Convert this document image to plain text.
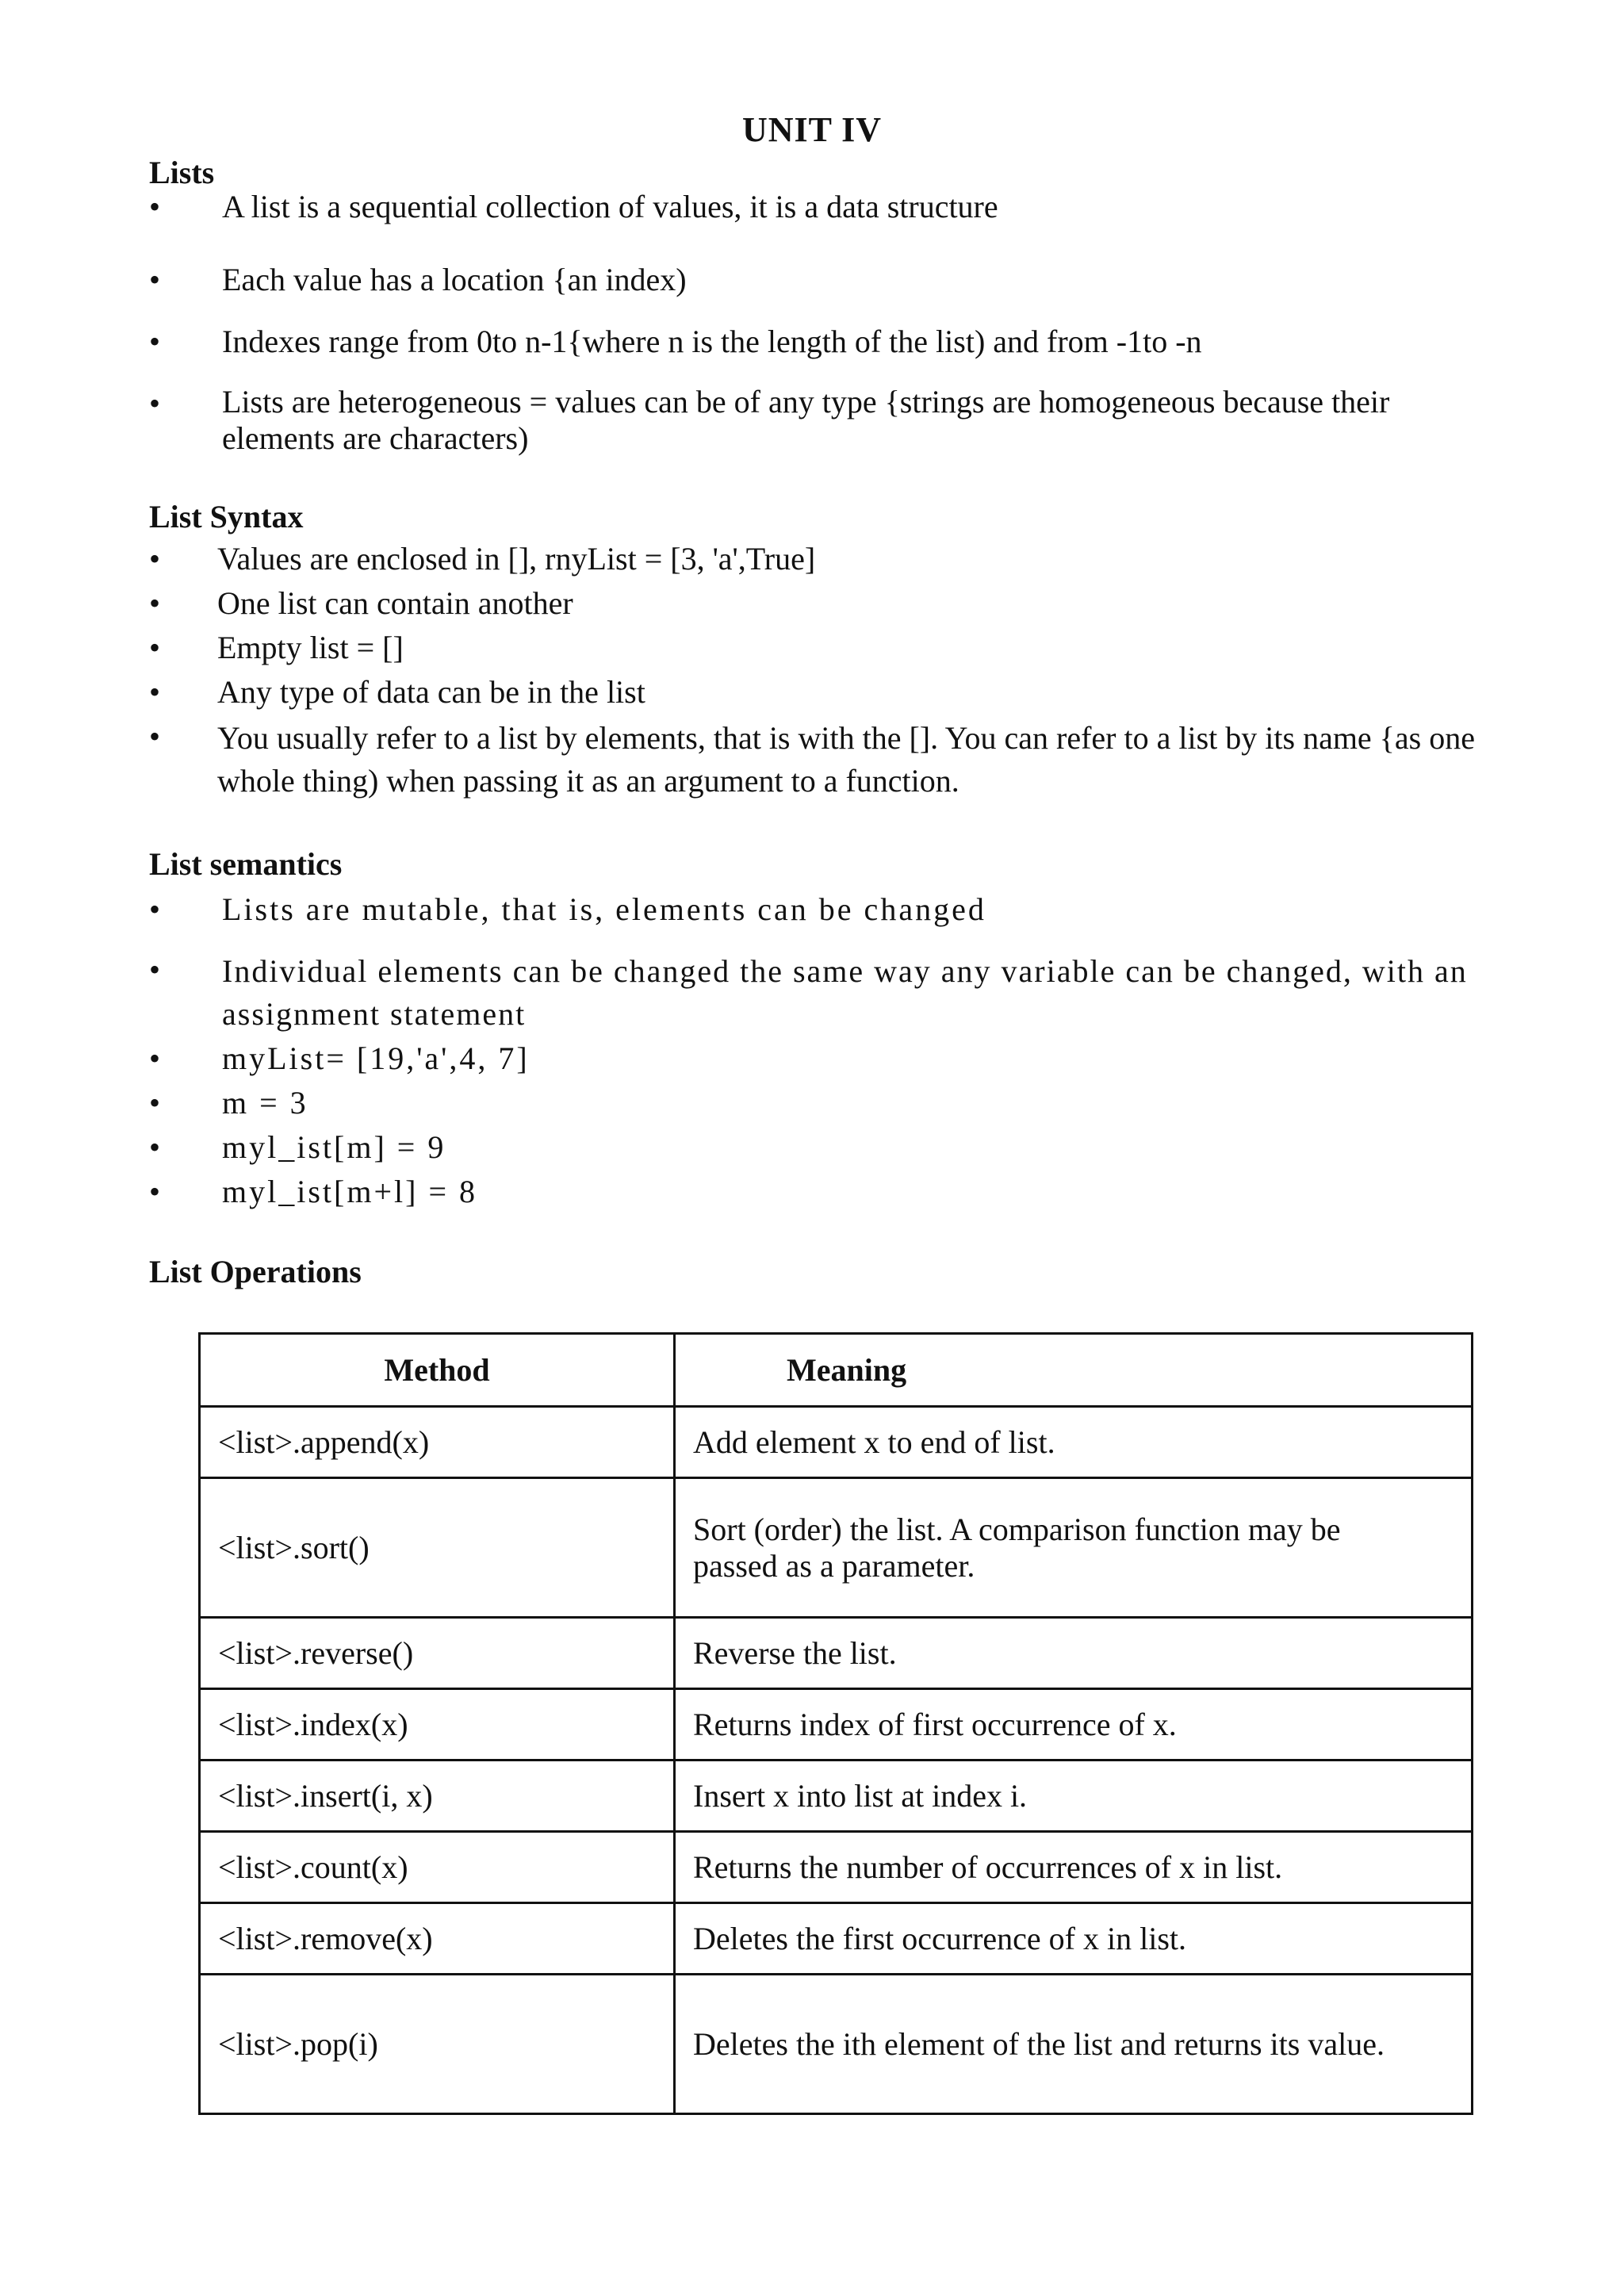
UNIT IV
Lists
• A list is a sequential collection of values, it is a data structure

• Each value has a location {an index)

• Indexes range from 0to n-1{where n is the length of the list) and from -1to -n

• Lists are heterogeneous = values can be of any type {strings are homogeneous because their elements are characters)

List Syntax
• Values are enclosed in [], rnyList = [3, 'a',True]

• One list can contain another

• Empty list = []

• Any type of data can be in the list

• You usually refer to a list by elements, that is with the []. You can refer to a list by its name {as one whole thing) when passing it as an argument to a function.

List semantics
• Lists are mutable, that is, elements can be changed

• Individual elements can be changed the same way any variable can be changed, with an assignment statement

• myList= [19,'a',4, 7]

• m = 3

• myl_ist[m] = 9

• myl_ist[m+l] = 8

List Operations
Method	Meaning
<list>.append(x)	Add element x to end of list.
<list>.sort()	Sort (order) the list. A comparison function may be passed as a parameter.
<list>.reverse()	Reverse the list.
<list>.index(x)	Returns index of first occurrence of x.
<list>.insert(i, x)	Insert x into list at index i.
<list>.count(x)	Returns the number of occurrences of x in list.
<list>.remove(x)	Deletes the first occurrence of x in list.
<list>.pop(i)	Deletes the ith element of the list and returns its value.
